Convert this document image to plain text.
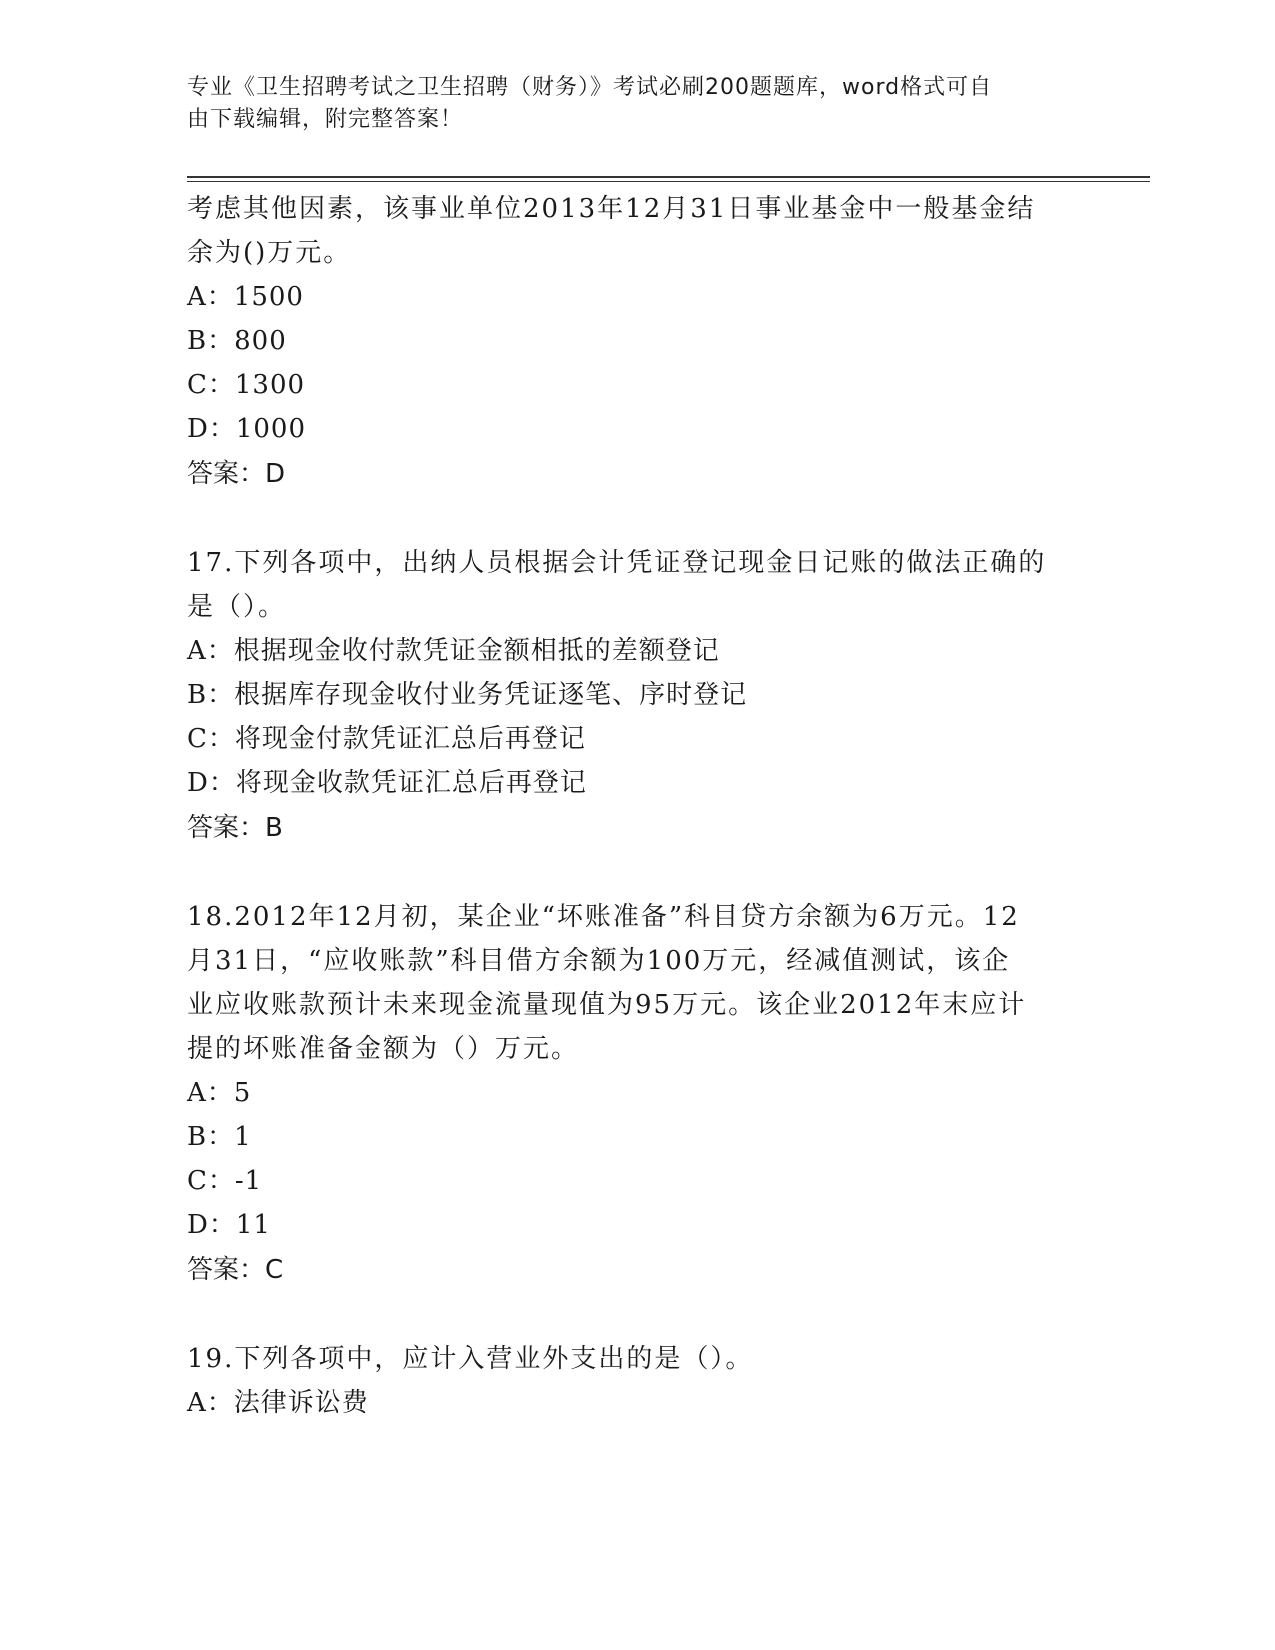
专业《卫生招聘考试之卫生招聘（财务）》考试必刷200题题库，word格式可自
由下载编辑，附完整答案！

考虑其他因素，该事业单位2013年12月31日事业基金中一般基金结

余为()万元。

A：1500

B：800

C：1300

D：1000

答案：D

17.下列各项中，出纳人员根据会计凭证登记现金日记账的做法正确的

是（）。

A：根据现金收付款凭证金额相抵的差额登记

B：根据库存现金收付业务凭证逐笔、序时登记

C：将现金付款凭证汇总后再登记

D：将现金收款凭证汇总后再登记

答案：B

18.2012年12月初，某企业“坏账准备”科目贷方余额为6万元。12

月31日，“应收账款”科目借方余额为100万元，经减值测试，该企

业应收账款预计未来现金流量现值为95万元。该企业2012年末应计

提的坏账准备金额为（）万元。

A：5

B：1

C：-1

D：11

答案：C

19.下列各项中，应计入营业外支出的是（）。

A：法律诉讼费
